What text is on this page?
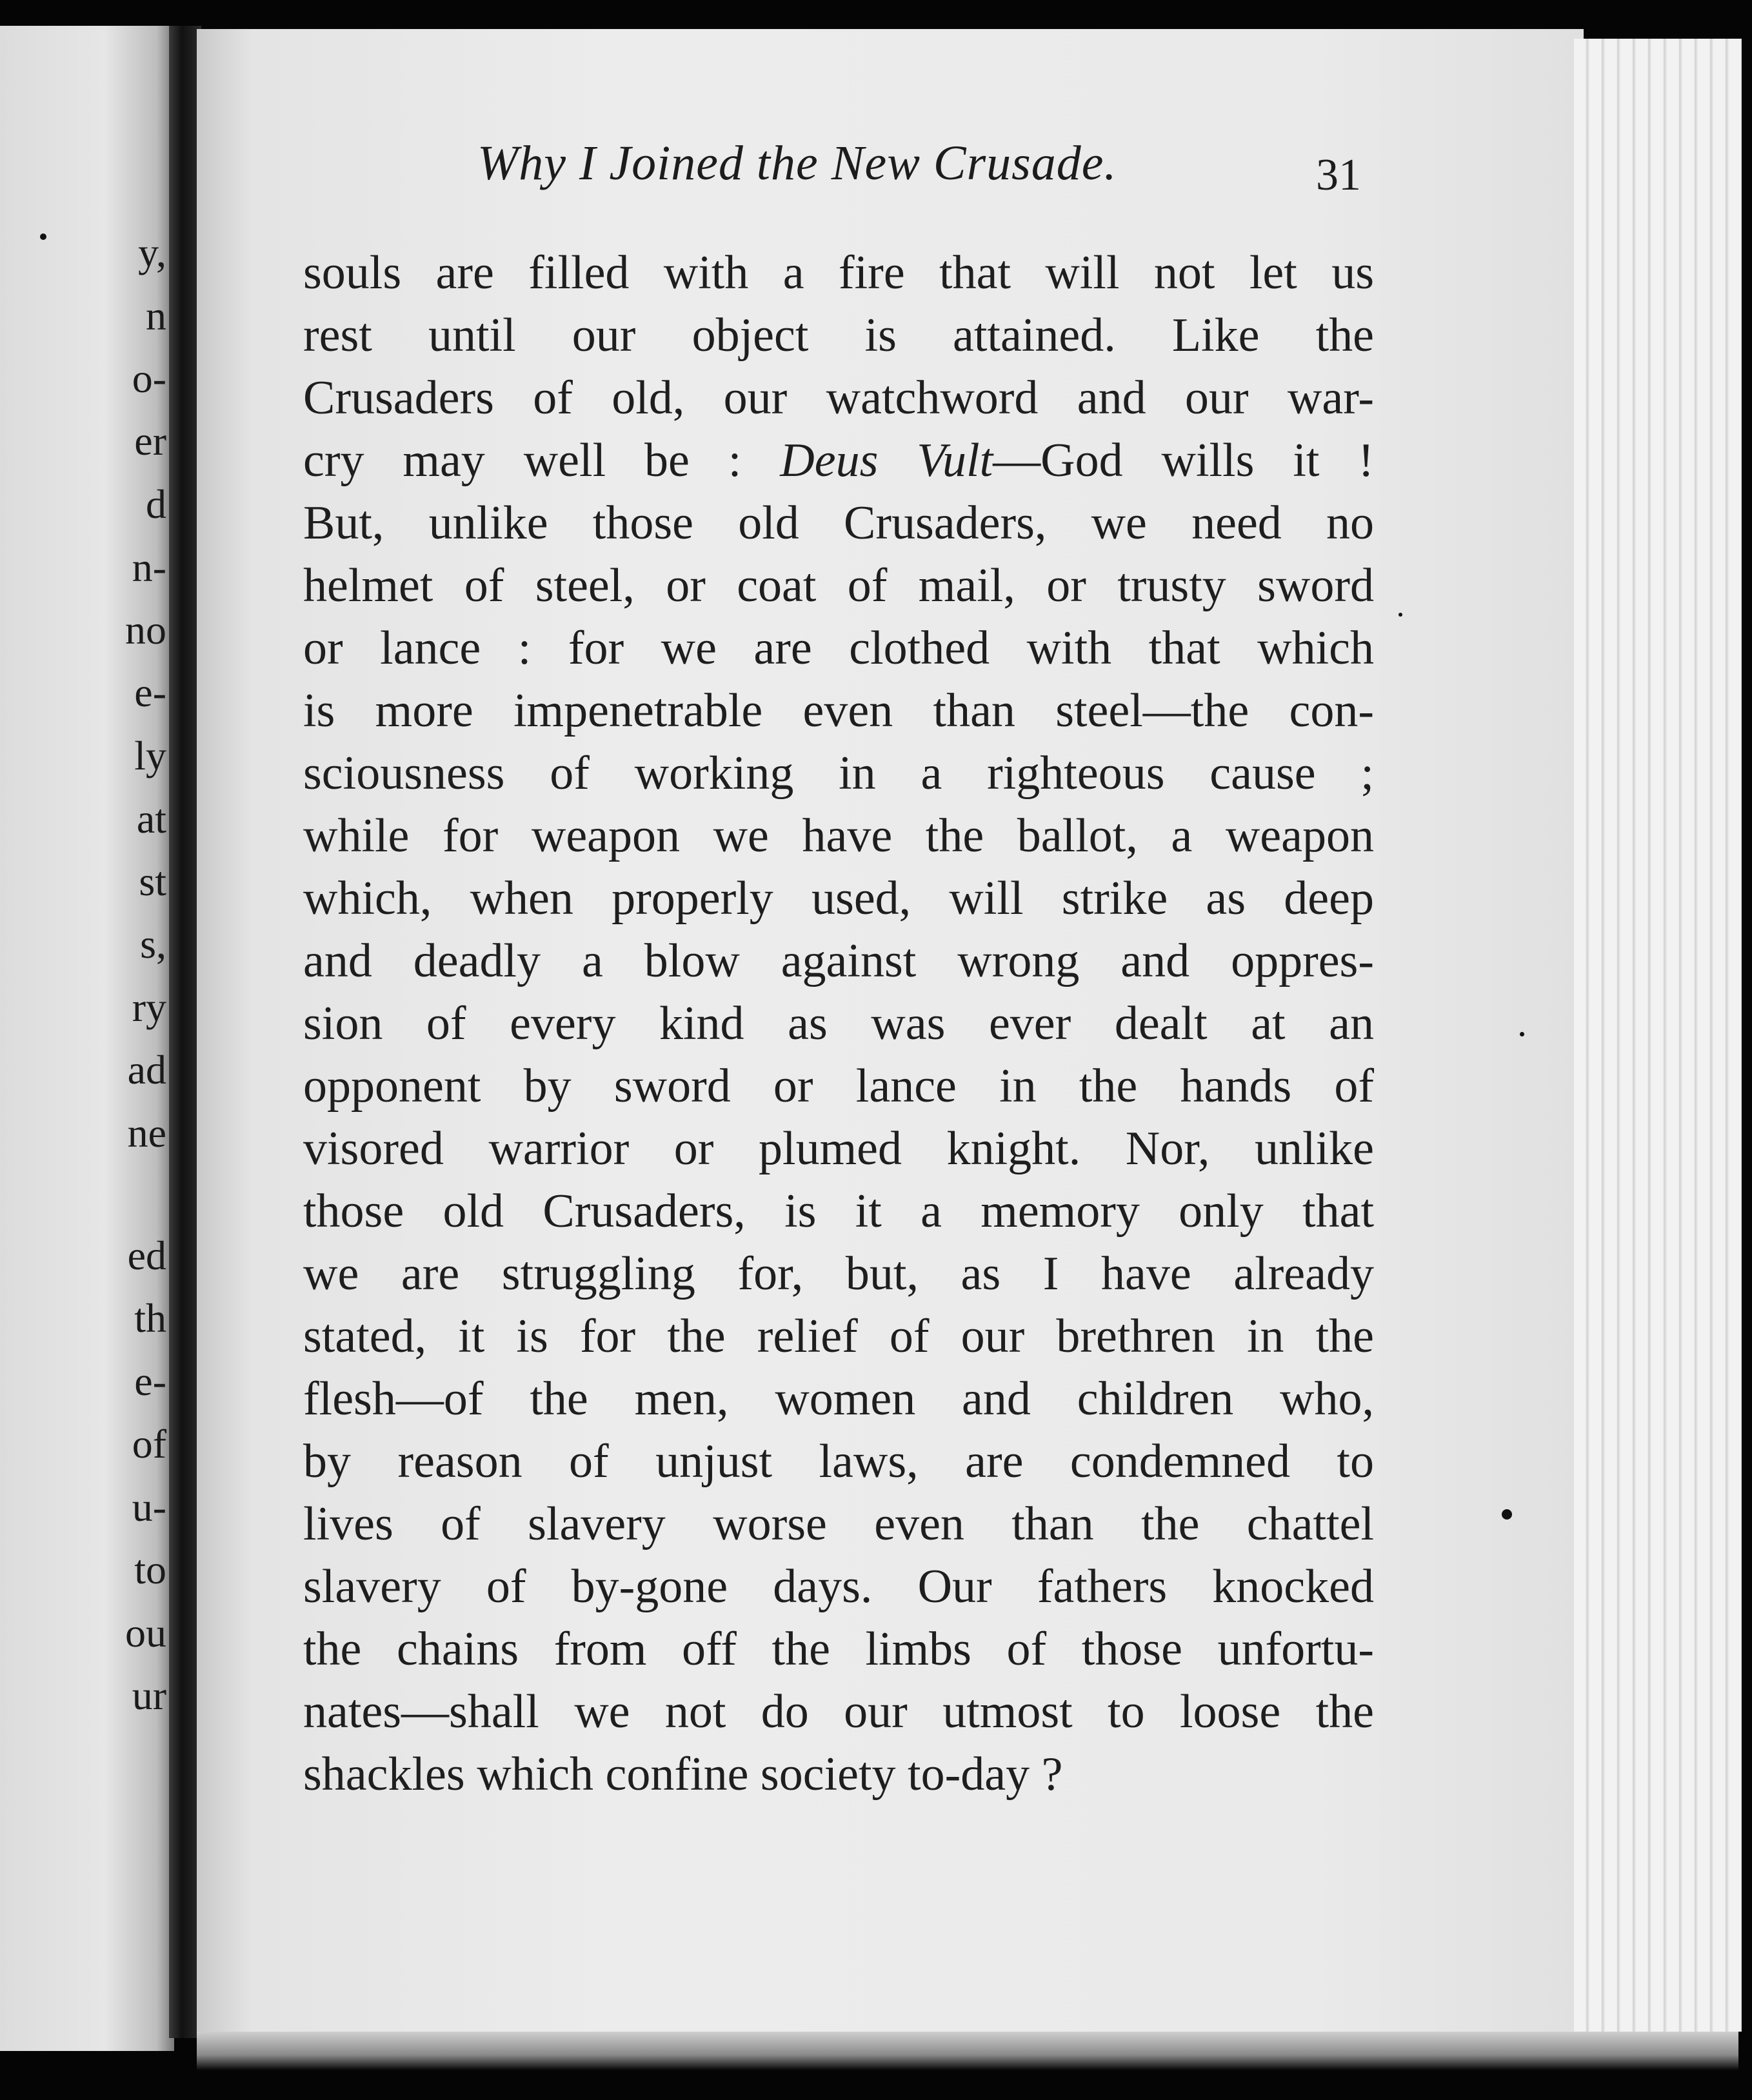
y,
n
o-
er
d
n-
no
e-
ly
at
st
s,
ry
ad
ne
ed
th
e-
of
u-
to
ou
ur
Why I Joined the New Crusade.	31
souls are filled with a fire that will not let us
rest until our object is attained. Like the
Crusaders of old, our watchword and our war-
cry may well be : Deus Vult—God wills it !
But, unlike those old Crusaders, we need no
helmet of steel, or coat of mail, or trusty sword
or lance : for we are clothed with that which
is more impenetrable even than steel—the con-
sciousness of working in a righteous cause ;
while for weapon we have the ballot, a weapon
which, when properly used, will strike as deep
and deadly a blow against wrong and oppres-
sion of every kind as was ever dealt at an
opponent by sword or lance in the hands of
visored warrior or plumed knight. Nor, unlike
those old Crusaders, is it a memory only that
we are struggling for, but, as I have already
stated, it is for the relief of our brethren in the
flesh—of the men, women and children who,
by reason of unjust laws, are condemned to
lives of slavery worse even than the chattel
slavery of by-gone days. Our fathers knocked
the chains from off the limbs of those unfortu-
nates—shall we not do our utmost to loose the
shackles which confine society to-day ?
